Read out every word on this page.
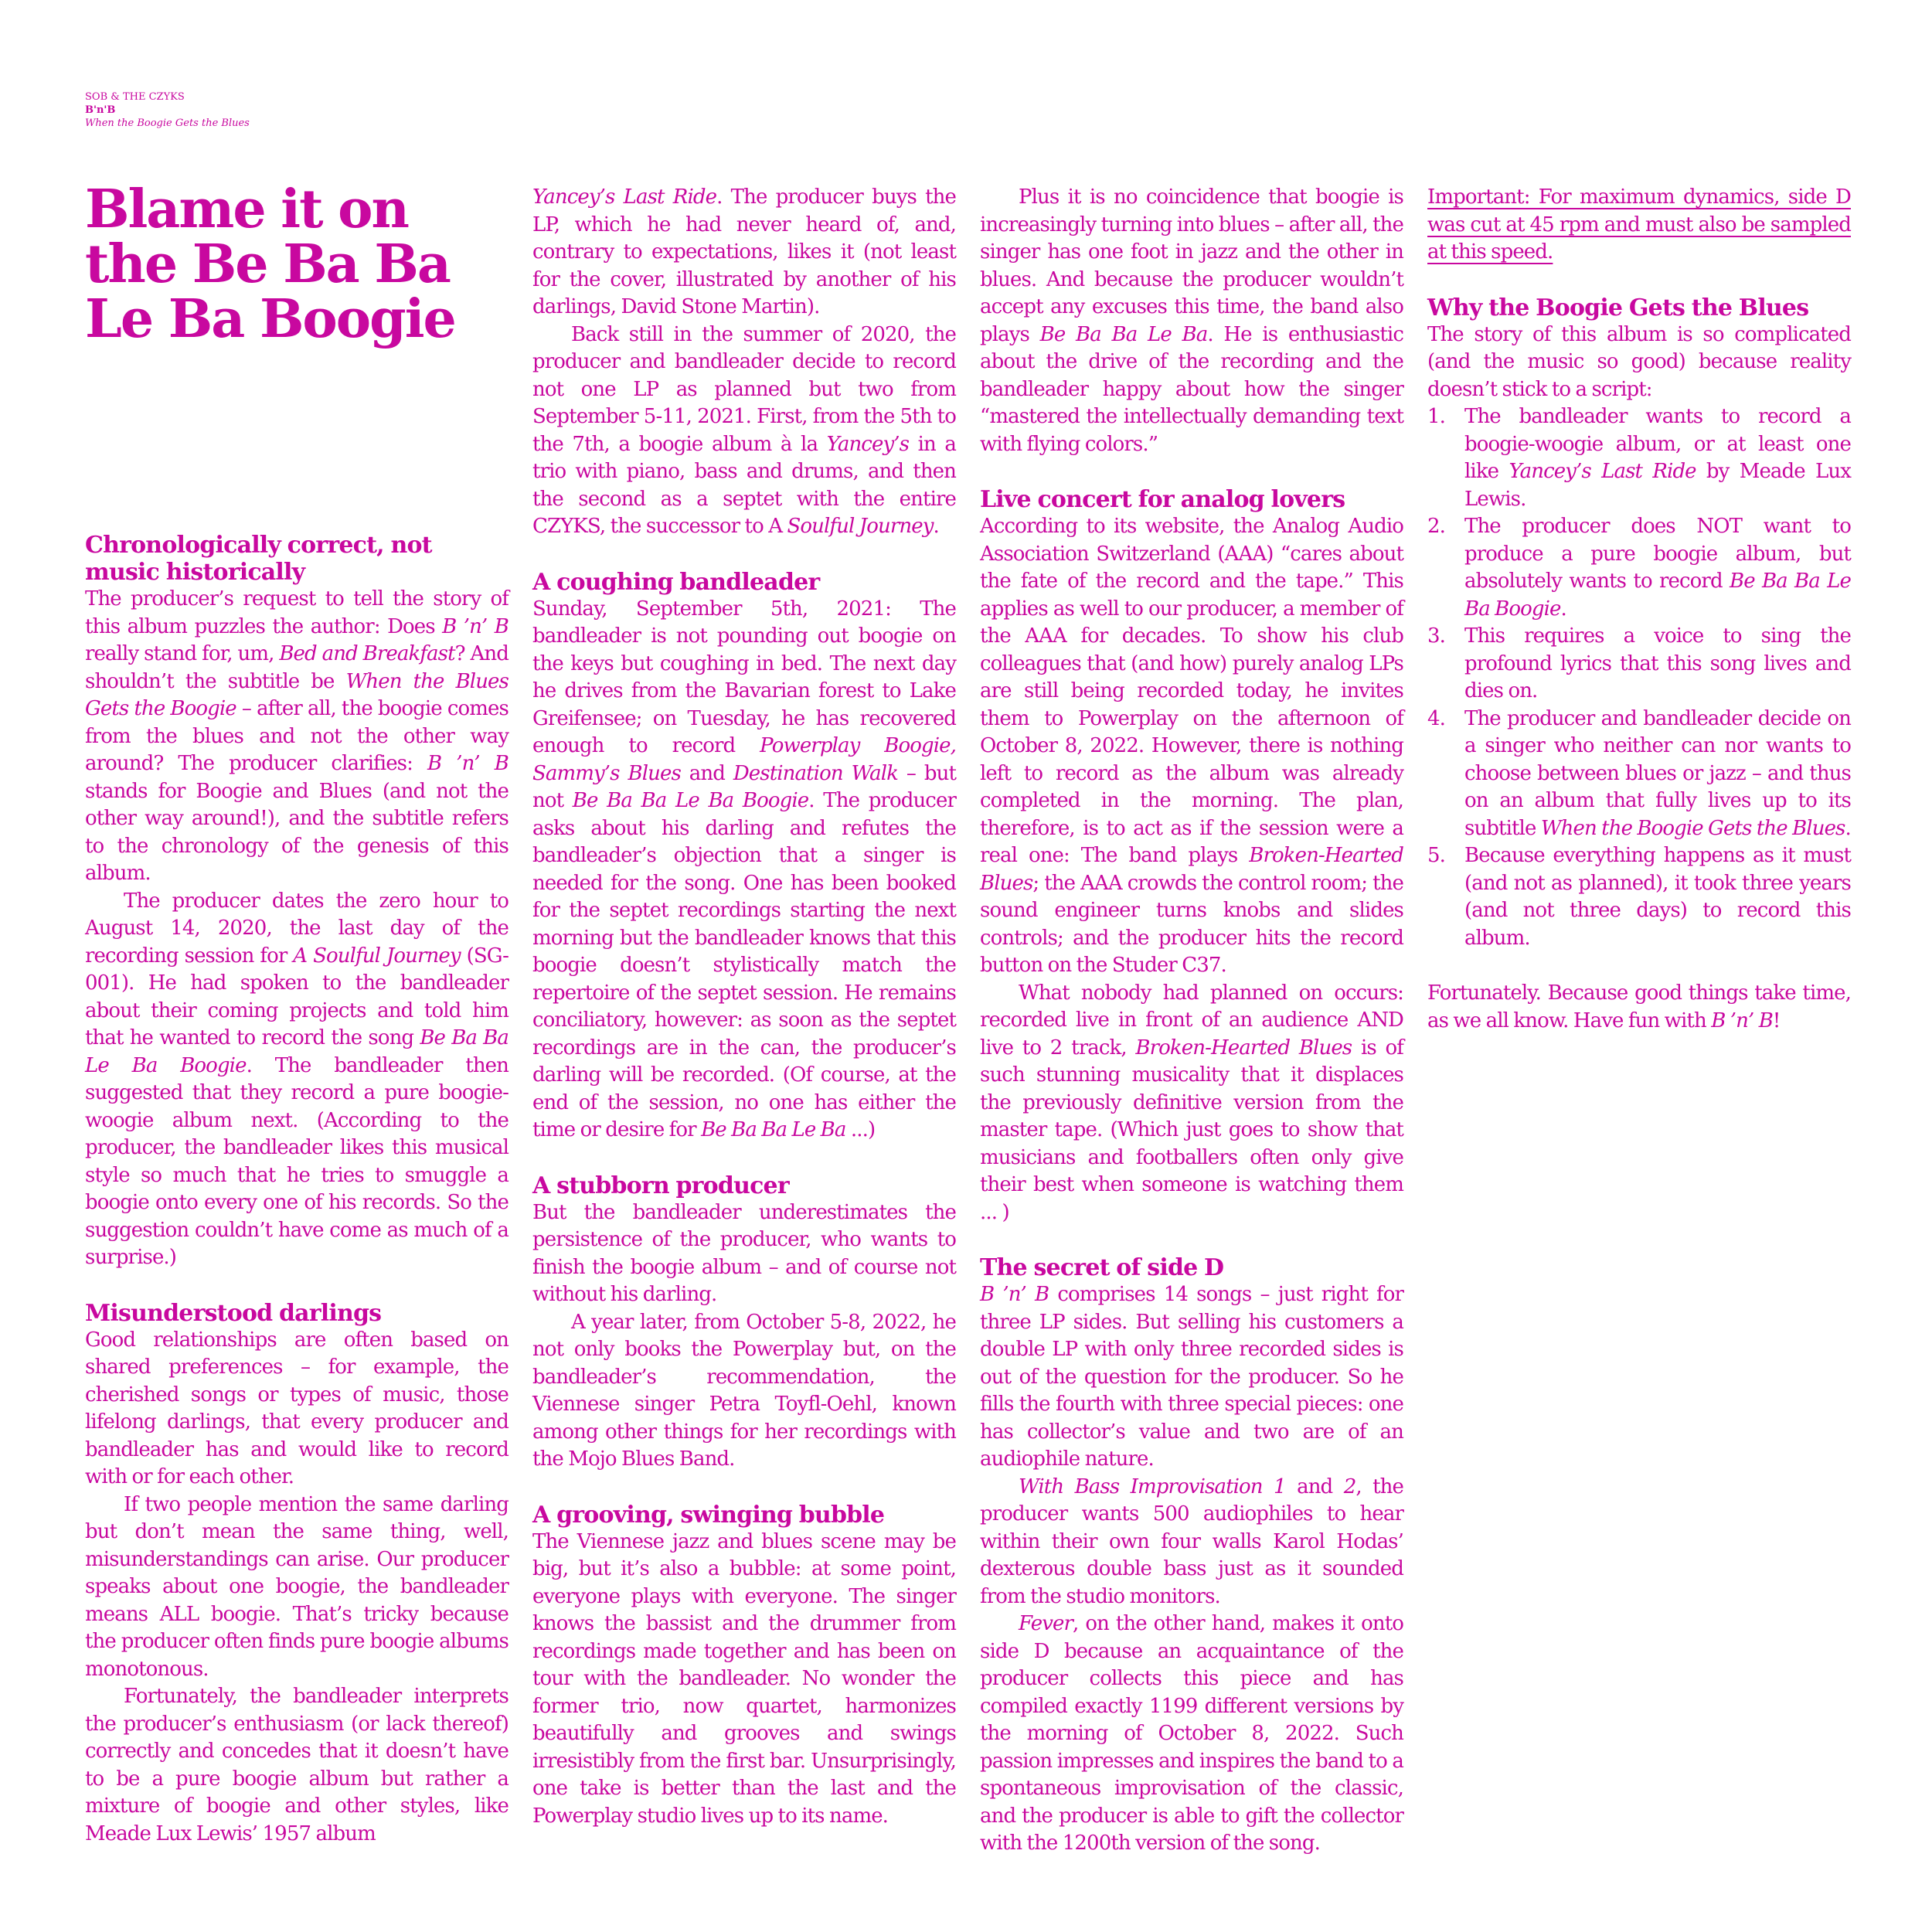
SOB & THE CZYKS
B'n'B
When the Boogie Gets the Blues
Blame it on the Be Ba Ba Le Ba Boogie
Chronologically correct, not music historically

The producer’s request to tell the story of this album puzzles the author: Does B ’n’ B really stand for, um, Bed and Breakfast? And shouldn’t the subtitle be When the Blues Gets the Boogie – after all, the boogie comes from the blues and not the other way around? The producer clarifies: B ’n’ B stands for Boogie and Blues (and not the other way around!), and the subtitle refers to the chronology of the genesis of this album.

The producer dates the zero hour to August 14, 2020, the last day of the recording session for A Soulful Journey (SG-001). He had spoken to the bandleader about their coming projects and told him that he wanted to record the song Be Ba Ba Le Ba Boogie. The bandleader then suggested that they record a pure boogie-woogie album next. (According to the producer, the bandleader likes this musical style so much that he tries to smuggle a boogie onto every one of his records. So the suggestion couldn’t have come as much of a surprise.)

Misunderstood darlings

Good relationships are often based on shared preferences – for example, the cherished songs or types of music, those lifelong darlings, that every producer and bandleader has and would like to record with or for each other.

If two people mention the same darling but don’t mean the same thing, well, misunderstandings can arise. Our producer speaks about one boogie, the bandleader means ALL boogie. That’s tricky because the producer often finds pure boogie albums monotonous.

Fortunately, the bandleader interprets the producer’s enthusiasm (or lack thereof) correctly and concedes that it doesn’t have to be a pure boogie album but rather a mixture of boogie and other styles, like Meade Lux Lewis’ 1957 album

Yancey’s Last Ride. The producer buys the LP, which he had never heard of, and, contrary to expectations, likes it (not least for the cover, illustrated by another of his darlings, David Stone Martin).

Back still in the summer of 2020, the producer and bandleader decide to record not one LP as planned but two from September 5-11, 2021. First, from the 5th to the 7th, a boogie album à la Yancey’s in a trio with piano, bass and drums, and then the second as a septet with the entire CZYKS, the successor to A Soulful Journey.

A coughing bandleader

Sunday, September 5th, 2021: The bandleader is not pounding out boogie on the keys but coughing in bed. The next day he drives from the Bavarian forest to Lake Greifensee; on Tuesday, he has recovered enough to record Powerplay Boogie, Sammy’s Blues and Destination Walk – but not Be Ba Ba Le Ba Boogie. The producer asks about his darling and refutes the bandleader’s objection that a singer is needed for the song. One has been booked for the septet recordings starting the next morning but the bandleader knows that this boogie doesn’t stylistically match the repertoire of the septet session. He remains conciliatory, however: as soon as the septet recordings are in the can, the producer’s darling will be recorded. (Of course, at the end of the session, no one has either the time or desire for Be Ba Ba Le Ba ...)

A stubborn producer

But the bandleader underestimates the persistence of the producer, who wants to finish the boogie album – and of course not without his darling.

A year later, from October 5-8, 2022, he not only books the Powerplay but, on the bandleader’s recommendation, the Viennese singer Petra Toyfl-Oehl, known among other things for her recordings with the Mojo Blues Band.

A grooving, swinging bubble

The Viennese jazz and blues scene may be big, but it’s also a bubble: at some point, everyone plays with everyone. The singer knows the bassist and the drummer from recordings made together and has been on tour with the bandleader. No wonder the former trio, now quartet, harmonizes beautifully and grooves and swings irresistibly from the first bar. Unsurprisingly, one take is better than the last and the Powerplay studio lives up to its name.

Plus it is no coincidence that boogie is increasingly turning into blues – after all, the singer has one foot in jazz and the other in blues. And because the producer wouldn’t accept any excuses this time, the band also plays Be Ba Ba Le Ba. He is enthusiastic about the drive of the recording and the bandleader happy about how the singer “mastered the intellectually demanding text with flying colors.”

Live concert for analog lovers

According to its website, the Analog Audio Association Switzerland (AAA) “cares about the fate of the record and the tape.” This applies as well to our producer, a member of the AAA for decades. To show his club colleagues that (and how) purely analog LPs are still being recorded today, he invites them to Powerplay on the afternoon of October 8, 2022. However, there is nothing left to record as the album was already completed in the morning. The plan, therefore, is to act as if the session were a real one: The band plays Broken-Hearted Blues; the AAA crowds the control room; the sound engineer turns knobs and slides controls; and the producer hits the record button on the Studer C37.

What nobody had planned on occurs: recorded live in front of an audience AND live to 2 track, Broken-Hearted Blues is of such stunning musicality that it displaces the previously definitive version from the master tape. (Which just goes to show that musicians and footballers often only give their best when someone is watching them ... )

The secret of side D

B ’n’ B comprises 14 songs – just right for three LP sides. But selling his customers a double LP with only three recorded sides is out of the question for the producer. So he fills the fourth with three special pieces: one has collector’s value and two are of an audiophile nature.

With Bass Improvisation 1 and 2, the producer wants 500 audiophiles to hear within their own four walls Karol Hodas’ dexterous double bass just as it sounded from the studio monitors.

Fever, on the other hand, makes it onto side D because an acquaintance of the producer collects this piece and has compiled exactly 1199 different versions by the morning of October 8, 2022. Such passion impresses and inspires the band to a spontaneous improvisation of the classic, and the producer is able to gift the collector with the 1200th version of the song.

Important: For maximum dynamics, side D was cut at 45 rpm and must also be sampled at this speed.

Why the Boogie Gets the Blues

The story of this album is so complicated (and the music so good) because reality doesn’t stick to a script:

1. The bandleader wants to record a boogie-woogie album, or at least one like Yancey’s Last Ride by Meade Lux Lewis.
2. The producer does NOT want to produce a pure boogie album, but absolutely wants to record Be Ba Ba Le Ba Boogie.
3. This requires a voice to sing the profound lyrics that this song lives and dies on.
4. The producer and bandleader decide on a singer who neither can nor wants to choose between blues or jazz – and thus on an album that fully lives up to its subtitle When the Boogie Gets the Blues.
5. Because everything happens as it must (and not as planned), it took three years (and not three days) to record this album.

Fortunately. Because good things take time, as we all know. Have fun with B ’n’ B!
